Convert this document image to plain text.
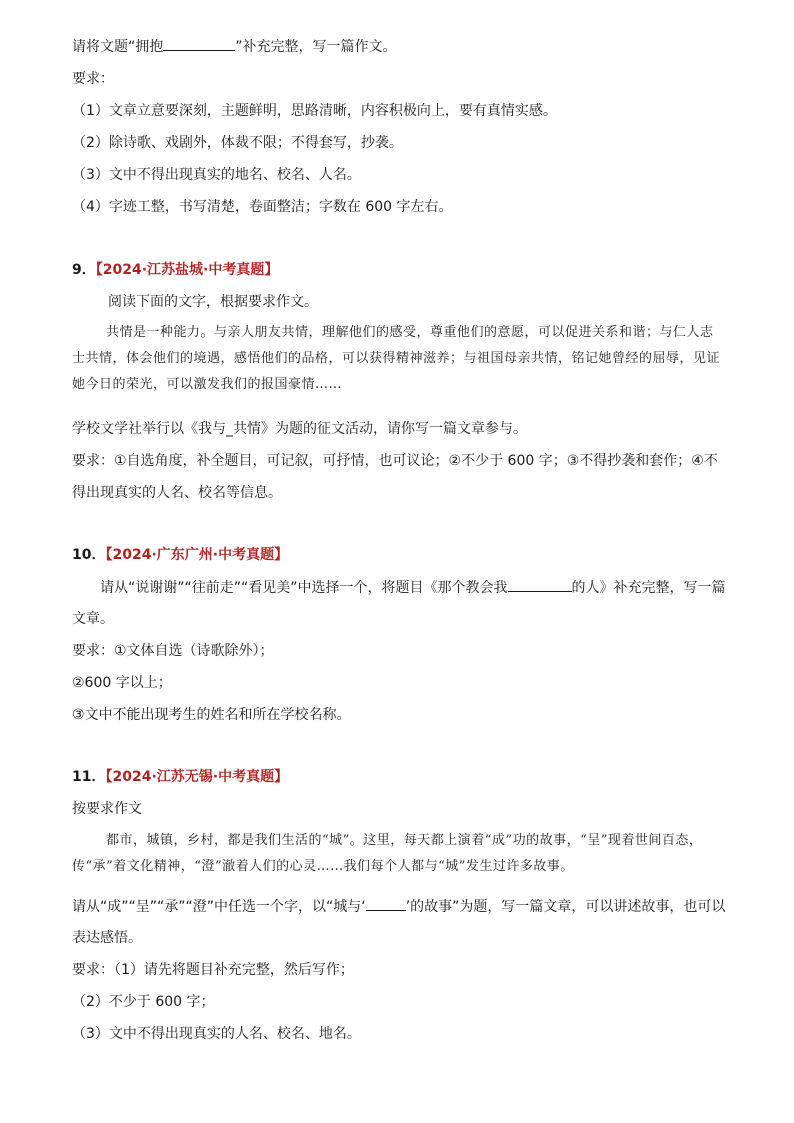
请将文题“拥抱	”补充完整，写一篇作文。
要求：
（1）文章立意要深刻，主题鲜明，思路清晰，内容积极向上，要有真情实感。
（2）除诗歌、戏剧外，体裁不限；不得套写，抄袭。
（3）文中不得出现真实的地名、校名、人名。
（4）字迹工整，书写清楚，卷面整洁；字数在 600 字左右。
9．【2024·江苏盐城·中考真题】
阅读下面的文字，根据要求作文。
共情是一种能力。与亲人朋友共情，理解他们的感受，尊重他们的意愿，可以促进关系和谐；与仁人志士共情，体会他们的境遇，感悟他们的品格，可以获得精神滋养；与祖国母亲共情，铭记她曾经的屈辱，见证她今日的荣光，可以激发我们的报国豪情……
学校文学社举行以《我与_共情》为题的征文活动，请你写一篇文章参与。
要求：①自选角度，补全题目，可记叙，可抒情，也可议论；②不少于 600 字；③不得抄袭和套作；④不
得出现真实的人名、校名等信息。
10．【2024·广东广州·中考真题】
请从“说谢谢”“往前走”“看见美”中选择一个，将题目《那个教会我	的人》补充完整，写一篇
文章。
要求：①文体自选（诗歌除外）；
②600 字以上；
③文中不能出现考生的姓名和所在学校名称。
11．【2024·江苏无锡·中考真题】
按要求作文
都市，城镇，乡村，都是我们生活的“城”。这里，每天都上演着“成”功的故事，“呈”现着世间百态，传“承”着文化精神，“澄”澈着人们的心灵……我们每个人都与“城”发生过许多故事。
请从“成”“呈”“承”“澄”中任选一个字，以“城与‘	’的故事”为题，写一篇文章，可以讲述故事，也可以
表达感悟。
要求：（1）请先将题目补充完整，然后写作；
（2）不少于 600 字；
（3）文中不得出现真实的人名、校名、地名。
